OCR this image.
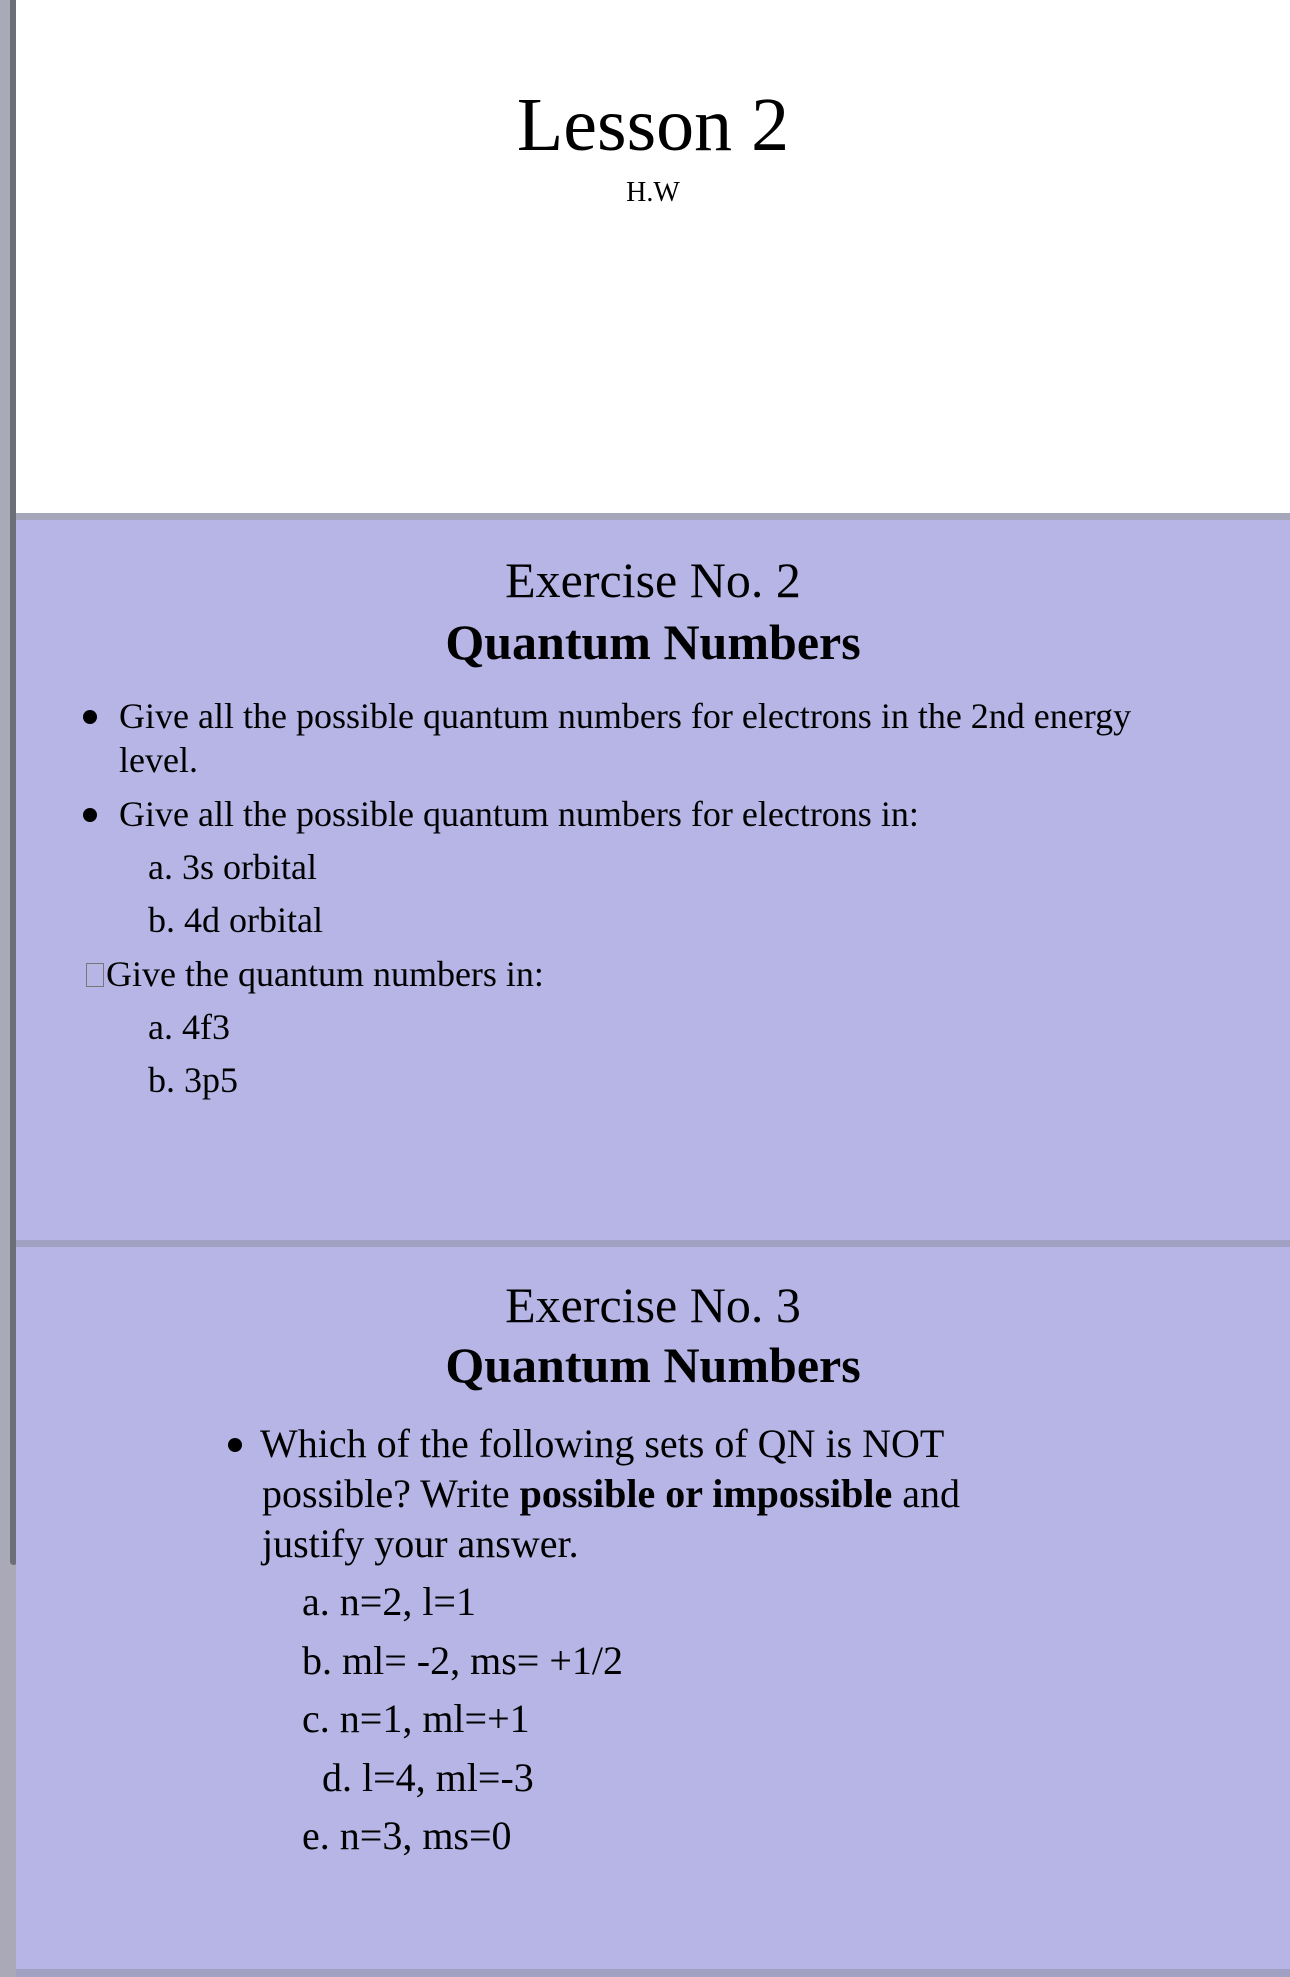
Lesson 2

H.W

Exercise No. 2
Quantum Numbers

Give all the possible quantum numbers for electrons in the 2nd energy

level.

Give all the possible quantum numbers for electrons in:

a. 3s orbital

b. 4d orbital

Give the quantum numbers in:

a. 4f3

b. 3p5

Exercise No. 3
Quantum Numbers

Which of the following sets of QN is NOT

possible? Write possible or impossible and

justify your answer.

a. n=2, l=1

b. ml= -2, ms= +1/2

c. n=1, ml=+1

d. l=4, ml=-3

e. n=3, ms=0
